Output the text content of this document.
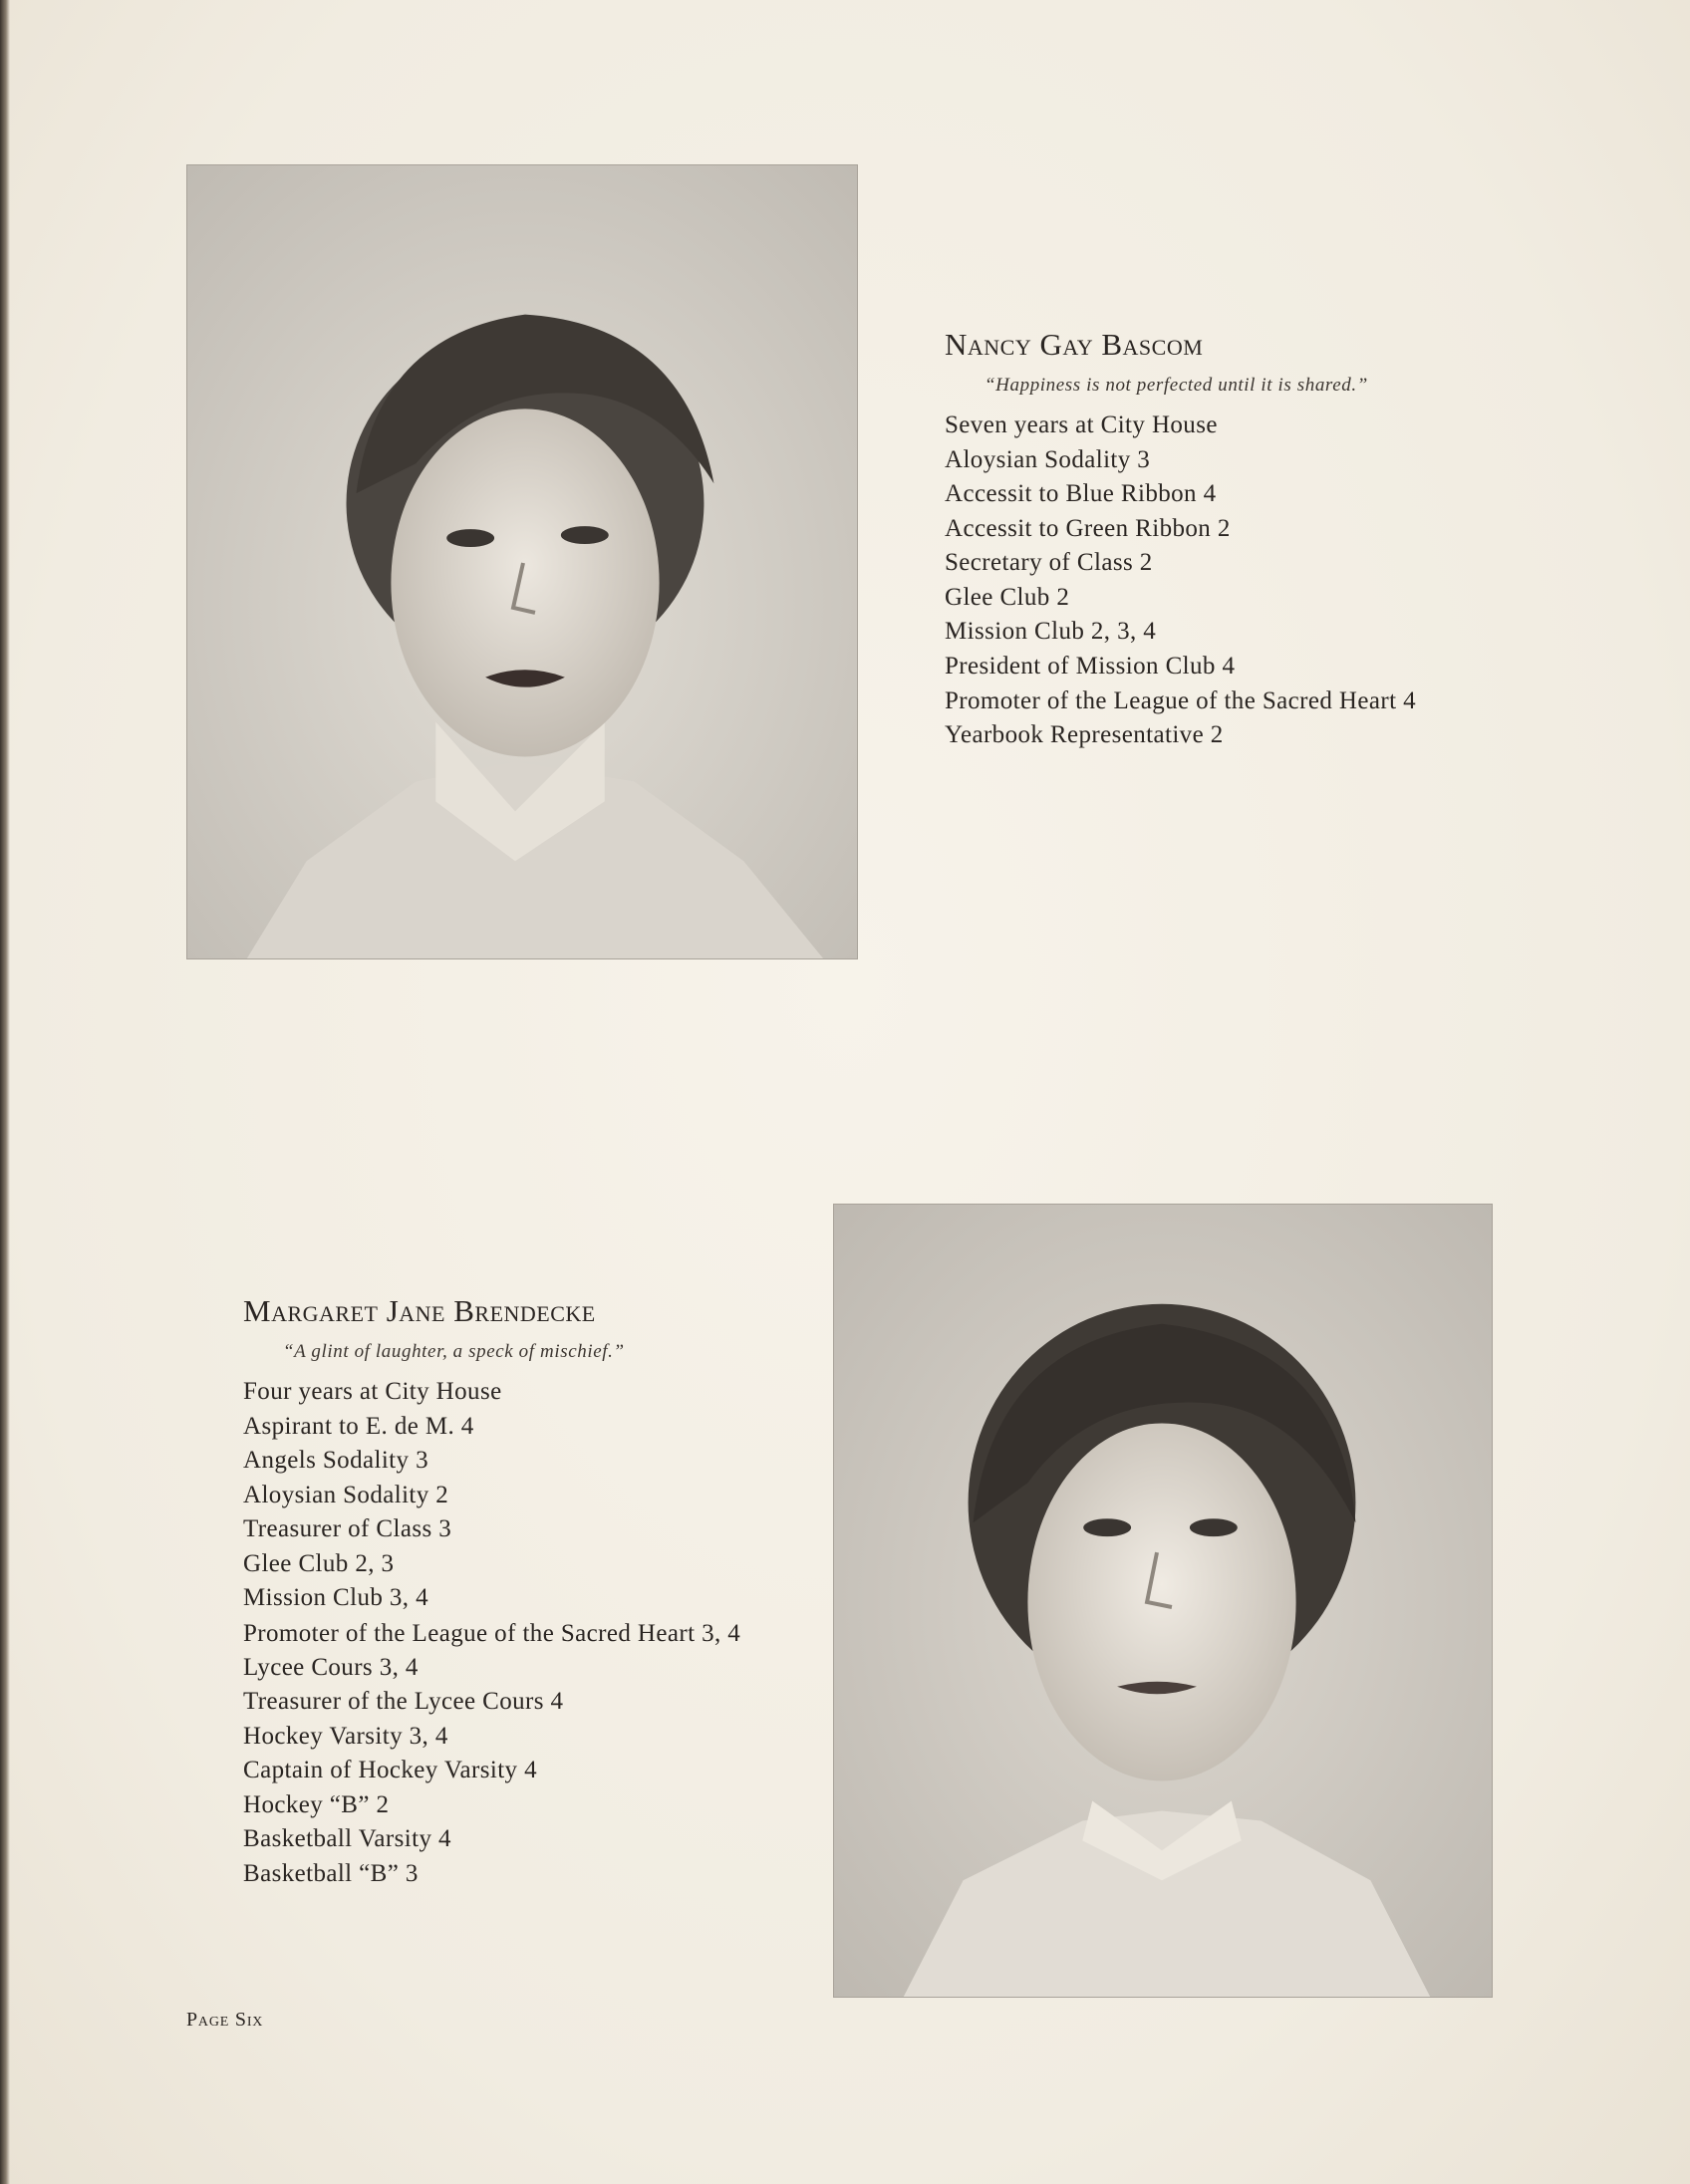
Nancy Gay Bascom
“Happiness is not perfected until it is shared.”
Seven years at City House
Aloysian Sodality 3
Accessit to Blue Ribbon 4
Accessit to Green Ribbon 2
Secretary of Class 2
Glee Club 2
Mission Club 2, 3, 4
President of Mission Club 4
Promoter of the League of the Sacred Heart 4
Yearbook Representative 2
Margaret Jane Brendecke
“A glint of laughter, a speck of mischief.”
Four years at City House
Aspirant to E. de M. 4
Angels Sodality 3
Aloysian Sodality 2
Treasurer of Class 3
Glee Club 2, 3
Mission Club 3, 4
Promoter of the League of the Sacred Heart 3, 4
Lycee Cours 3, 4
Treasurer of the Lycee Cours 4
Hockey Varsity 3, 4
Captain of Hockey Varsity 4
Hockey “B” 2
Basketball Varsity 4
Basketball “B” 3
Page Six
